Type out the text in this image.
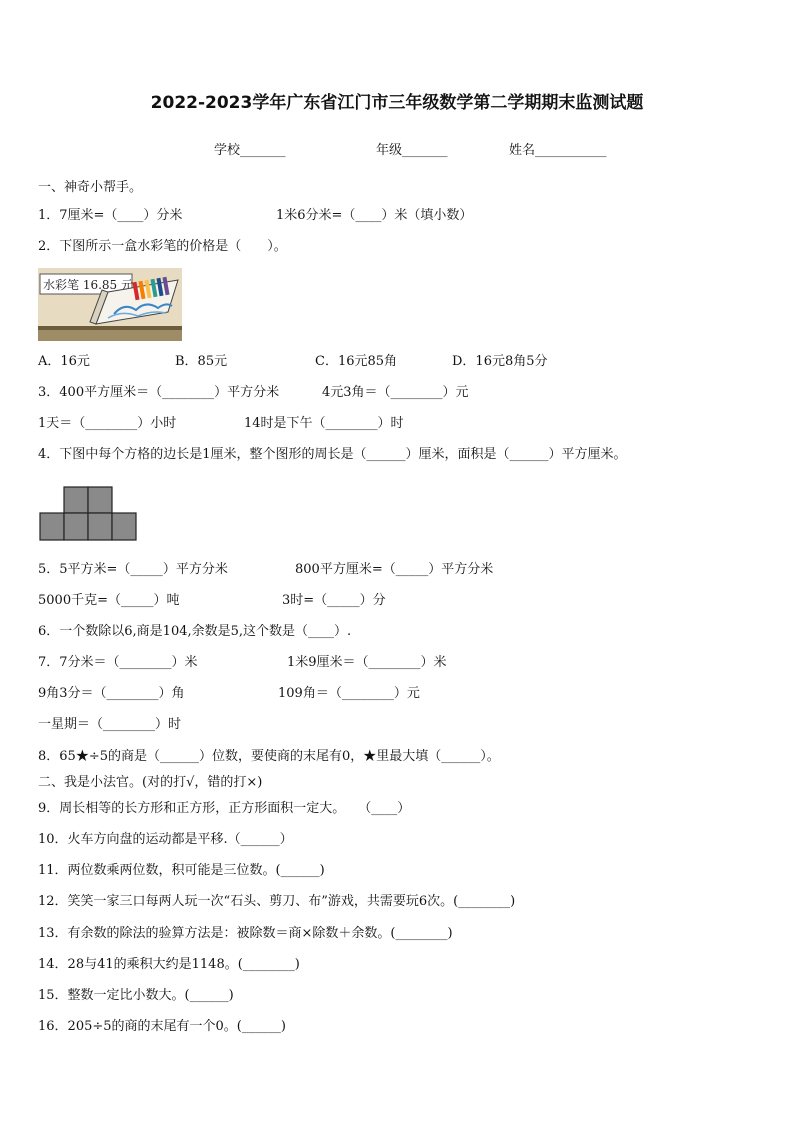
2022-2023学年广东省江门市三年级数学第二学期期末监测试题
学校_______	年级_______	姓名___________
一、神奇小帮手。
1．7厘米=（____）分米	1米6分米=（____）米（填小数）
2．下图所示一盒水彩笔的价格是（　　）。
水彩笔 16.85 元
A．16元	B．85元	C．16元85角	D．16元8角5分
3．400平方厘米＝（________）平方分米	4元3角＝（________）元
1天＝（________）小时	14时是下午（________）时
4．下图中每个方格的边长是1厘米，整个图形的周长是（______）厘米，面积是（______）平方厘米。
5．5平方米=（_____）平方分米	800平方厘米=（_____）平方分米
5000千克=（_____）吨	3时=（_____）分
6．一个数除以6,商是104,余数是5,这个数是（____）.
7．7分米＝（________）米	1米9厘米＝（________）米
9角3分＝（________）角	109角＝（________）元
一星期＝（________）时
8．65★÷5的商是（______）位数，要使商的末尾有0，★里最大填（______）。
二、我是小法官。(对的打√，错的打×)
9．周长相等的长方形和正方形，正方形面积一定大。　　（____）
10．火车方向盘的运动都是平移.（______）
11．两位数乘两位数，积可能是三位数。(______)
12．笑笑一家三口每两人玩一次“石头、剪刀、布”游戏，共需要玩6次。(________)
13．有余数的除法的验算方法是：被除数＝商×除数＋余数。(________)
14．28与41的乘积大约是1148。(________)
15．整数一定比小数大。(______)
16．205÷5的商的末尾有一个0。(______)
